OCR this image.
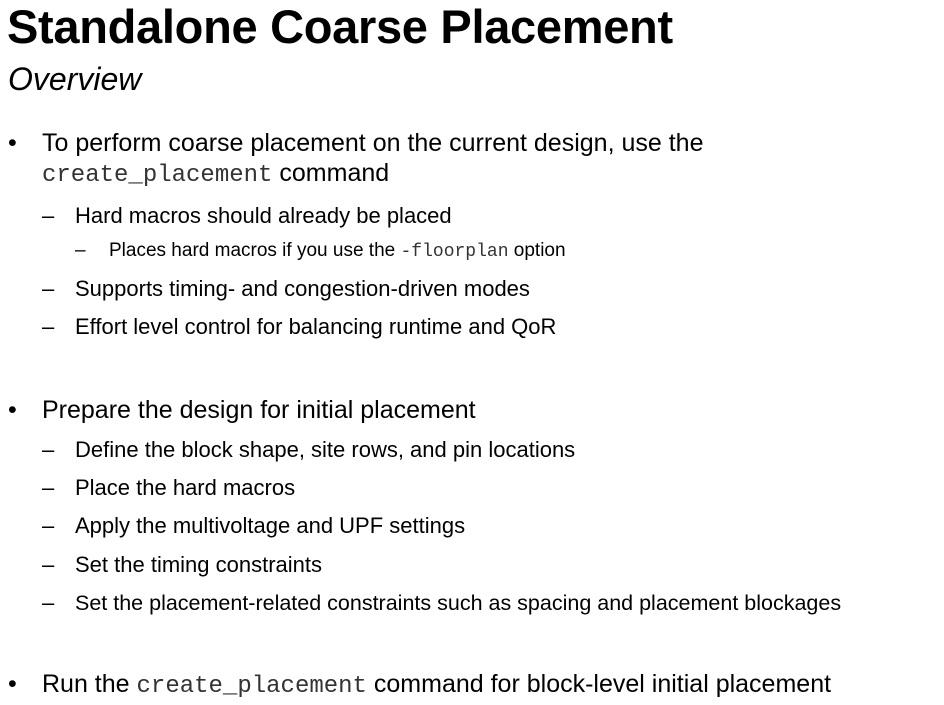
Standalone Coarse Placement
Overview
• To perform coarse placement on the current design, use the
create_placement command
– Hard macros should already be placed
– Places hard macros if you use the -floorplan option
– Supports timing- and congestion-driven modes
– Effort level control for balancing runtime and QoR
• Prepare the design for initial placement
– Define the block shape, site rows, and pin locations
– Place the hard macros
– Apply the multivoltage and UPF settings
– Set the timing constraints
– Set the placement-related constraints such as spacing and placement blockages
• Run the create_placement command for block-level initial placement
